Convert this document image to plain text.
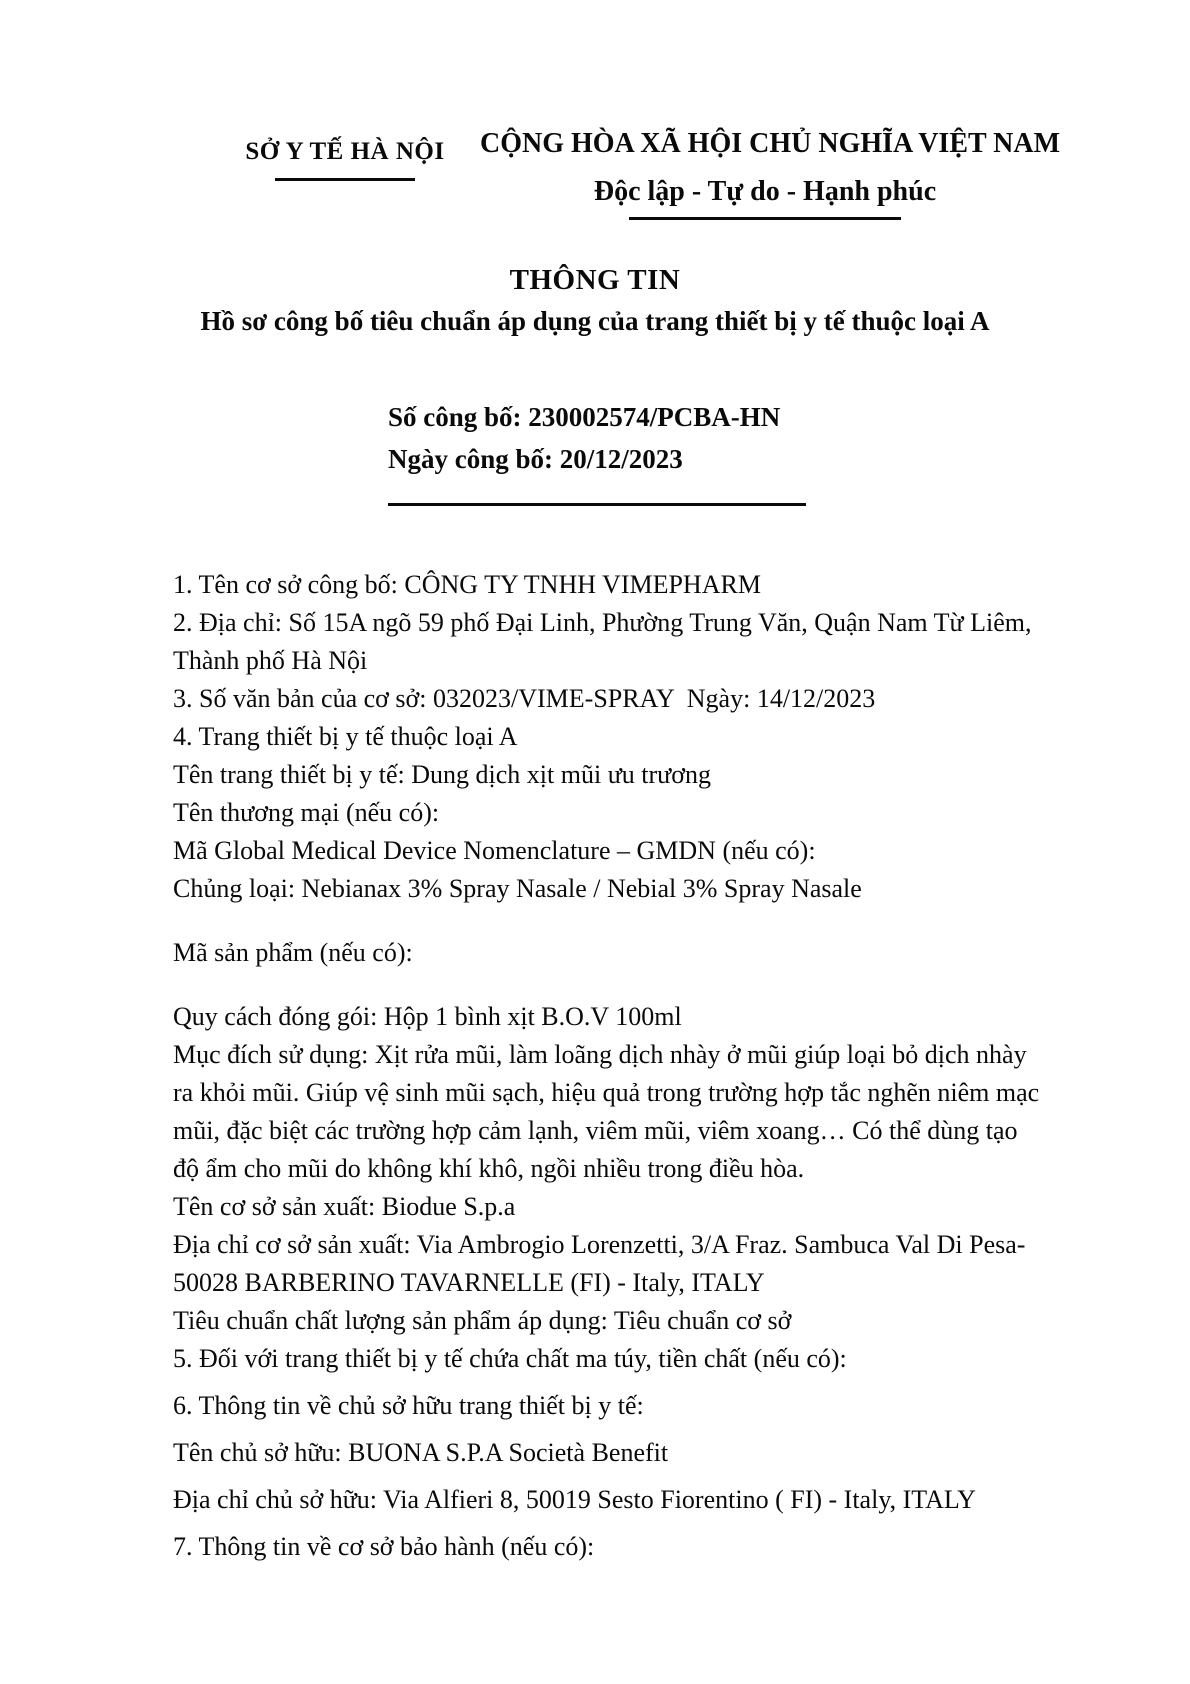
SỞ Y TẾ HÀ NỘI	CỘNG HÒA XÃ HỘI CHỦ NGHĨA VIỆT NAM
Độc lập - Tự do - Hạnh phúc
THÔNG TIN
Hồ sơ công bố tiêu chuẩn áp dụng của trang thiết bị y tế thuộc loại A
Số công bố: 230002574/PCBA-HN
Ngày công bố: 20/12/2023

1. Tên cơ sở công bố: CÔNG TY TNHH VIMEPHARM

2. Địa chỉ: Số 15A ngõ 59 phố Đại Linh, Phường Trung Văn, Quận Nam Từ Liêm, Thành phố Hà Nội

3. Số văn bản của cơ sở: 032023/VIME-SPRAY  Ngày: 14/12/2023

4. Trang thiết bị y tế thuộc loại A

Tên trang thiết bị y tế: Dung dịch xịt mũi ưu trương

Tên thương mại (nếu có):

Mã Global Medical Device Nomenclature – GMDN (nếu có):

Chủng loại: Nebianax 3% Spray Nasale / Nebial 3% Spray Nasale

Mã sản phẩm (nếu có):

Quy cách đóng gói: Hộp 1 bình xịt B.O.V 100ml

Mục đích sử dụng: Xịt rửa mũi, làm loãng dịch nhày ở mũi giúp loại bỏ dịch nhày ra khỏi mũi. Giúp vệ sinh mũi sạch, hiệu quả trong trường hợp tắc nghẽn niêm mạc mũi, đặc biệt các trường hợp cảm lạnh, viêm mũi, viêm xoang… Có thể dùng tạo độ ẩm cho mũi do không khí khô, ngồi nhiều trong điều hòa.

Tên cơ sở sản xuất: Biodue S.p.a

Địa chỉ cơ sở sản xuất: Via Ambrogio Lorenzetti, 3/A Fraz. Sambuca Val Di Pesa-50028 BARBERINO TAVARNELLE (FI) - Italy, ITALY

Tiêu chuẩn chất lượng sản phẩm áp dụng: Tiêu chuẩn cơ sở

5. Đối với trang thiết bị y tế chứa chất ma túy, tiền chất (nếu có):

6. Thông tin về chủ sở hữu trang thiết bị y tế:

Tên chủ sở hữu: BUONA S.P.A Società Benefit

Địa chỉ chủ sở hữu: Via Alfieri 8, 50019 Sesto Fiorentino ( FI) - Italy, ITALY

7. Thông tin về cơ sở bảo hành (nếu có):
